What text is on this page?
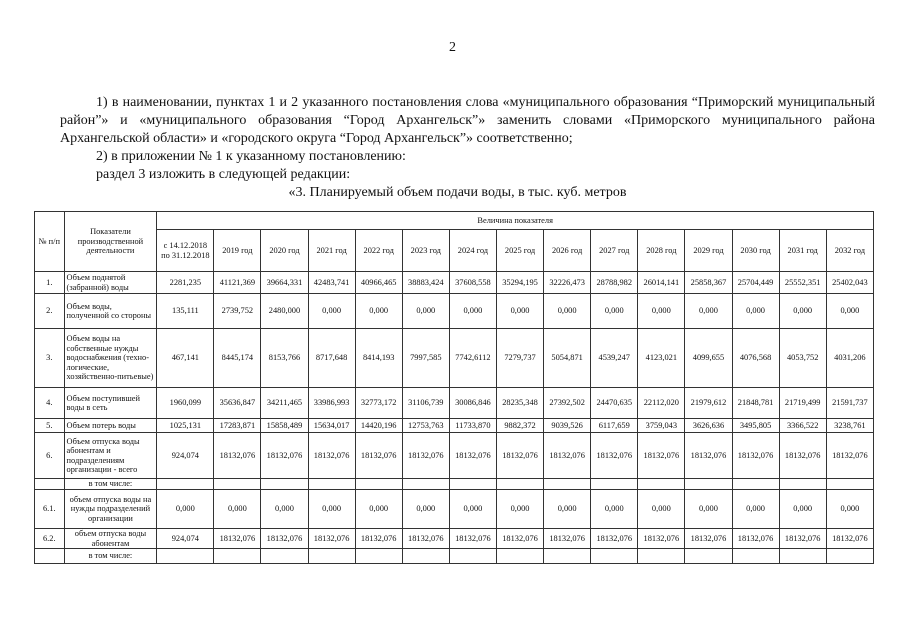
2
1) в наименовании, пунктах 1 и 2 указанного постановления слова «муниципального образования “Приморский муниципальный район”» и «муниципального образования “Город Архангельск”» заменить словами «Приморского муниципального района Архангельской области» и «городского округа “Город Архангельск”» соответственно;
2) в приложении № 1 к указанному постановлению:
раздел 3 изложить в следующей редакции:
«3. Планируемый объем подачи воды, в тыс. куб. метров
№ п/п	Показатели производственной деятельности	Величина показателя														
		с 14.12.2018 по 31.12.2018	2019 год	2020 год	2021 год	2022 год	2023 год	2024 год	2025 год	2026 год	2027 год	2028 год	2029 год	2030 год	2031 год	2032 год
1.	Объем поднятой (забранной) воды	2281,235	41121,369	39664,331	42483,741	40966,465	38883,424	37608,558	35294,195	32226,473	28788,982	26014,141	25858,367	25704,449	25552,351	25402,043
2.	Объем воды, полученной со стороны	135,111	2739,752	2480,000	0,000	0,000	0,000	0,000	0,000	0,000	0,000	0,000	0,000	0,000	0,000	0,000
3.	Объем воды на собственные нужды водоснабжения (техно-логические, хозяйственно-питьевые)	467,141	8445,174	8153,766	8717,648	8414,193	7997,585	7742,6112	7279,737	5054,871	4539,247	4123,021	4099,655	4076,568	4053,752	4031,206
4.	Объем поступившей воды в сеть	1960,099	35636,847	34211,465	33986,993	32773,172	31106,739	30086,846	28235,348	27392,502	24470,635	22112,020	21979,612	21848,781	21719,499	21591,737
5.	Объем потерь воды	1025,131	17283,871	15858,489	15634,017	14420,196	12753,763	11733,870	9882,372	9039,526	6117,659	3759,043	3626,636	3495,805	3366,522	3238,761
6.	Объем отпуска воды абонентам и подразделениям организации - всего	924,074	18132,076	18132,076	18132,076	18132,076	18132,076	18132,076	18132,076	18132,076	18132,076	18132,076	18132,076	18132,076	18132,076	18132,076
	в том числе:															
6.1.	объем отпуска воды на нужды подразделений организации	0,000	0,000	0,000	0,000	0,000	0,000	0,000	0,000	0,000	0,000	0,000	0,000	0,000	0,000	0,000
6.2.	объем отпуска воды абонентам	924,074	18132,076	18132,076	18132,076	18132,076	18132,076	18132,076	18132,076	18132,076	18132,076	18132,076	18132,076	18132,076	18132,076	18132,076
	в том числе:															
